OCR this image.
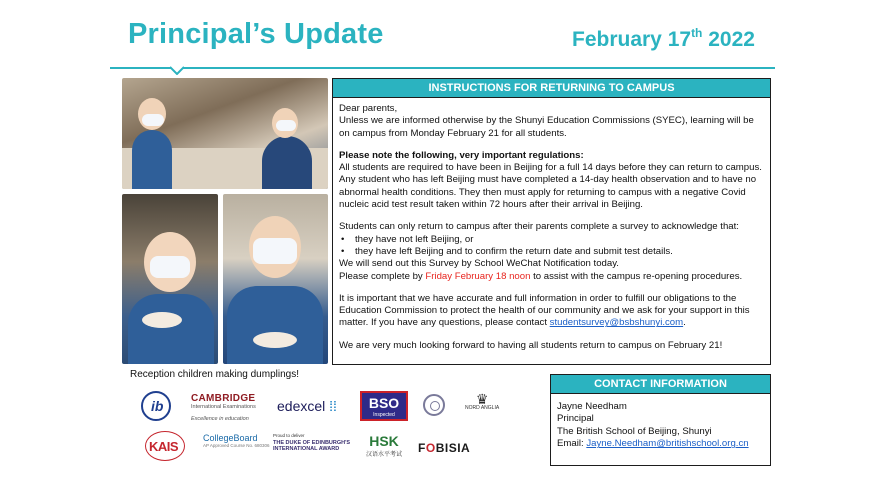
Principal’s Update	February 17th 2022
Reception children making dumplings!
INSTRUCTIONS FOR RETURNING TO CAMPUS

Dear parents,

Unless we are informed otherwise by the Shunyi Education Commissions (SYEC), learning will be on campus from Monday February 21 for all students.

Please note the following, very important regulations:

All students are required to have been in Beijing for a full 14 days before they can return to campus. Any student who has left Beijing must have completed a 14-day health observation and to have no abnormal health conditions. They then must apply for returning to campus with a negative Covid nucleic acid test result taken within 72 hours after their arrival in Beijing.

Students can only return to campus after their parents complete a survey to acknowledge that:

• they have not left Beijing, or
• they have left Beijing and to confirm the return date and submit test details.

We will send out this Survey by School WeChat Notification today.

Please complete by Friday February 18 noon to assist with the campus re-opening procedures.

It is important that we have accurate and full information in order to fulfill our obligations to the Education Commission to protect the health of our community and we ask for your support in this matter. If you have any questions, please contact studentsurvey@bsbshunyi.com.

We are very much looking forward to having all students return to campus on February 21!

CONTACT INFORMATION
Jayne Needham
Principal
The British School of Beijing, Shunyi
Email: Jayne.Needham@britishschool.org.cn
ib	CAMBRIDGE
International Examinations
Excellence in education
edexcel ⁞⁞	BSO
Inspected
♛
NORD ANGLIA
KAIS
CollegeBoard
AP Approved Course No. 680306
Proud to deliver
THE DUKE OF EDINBURGH'S INTERNATIONAL AWARD	HSK
汉语水平考试 FOBISIA
